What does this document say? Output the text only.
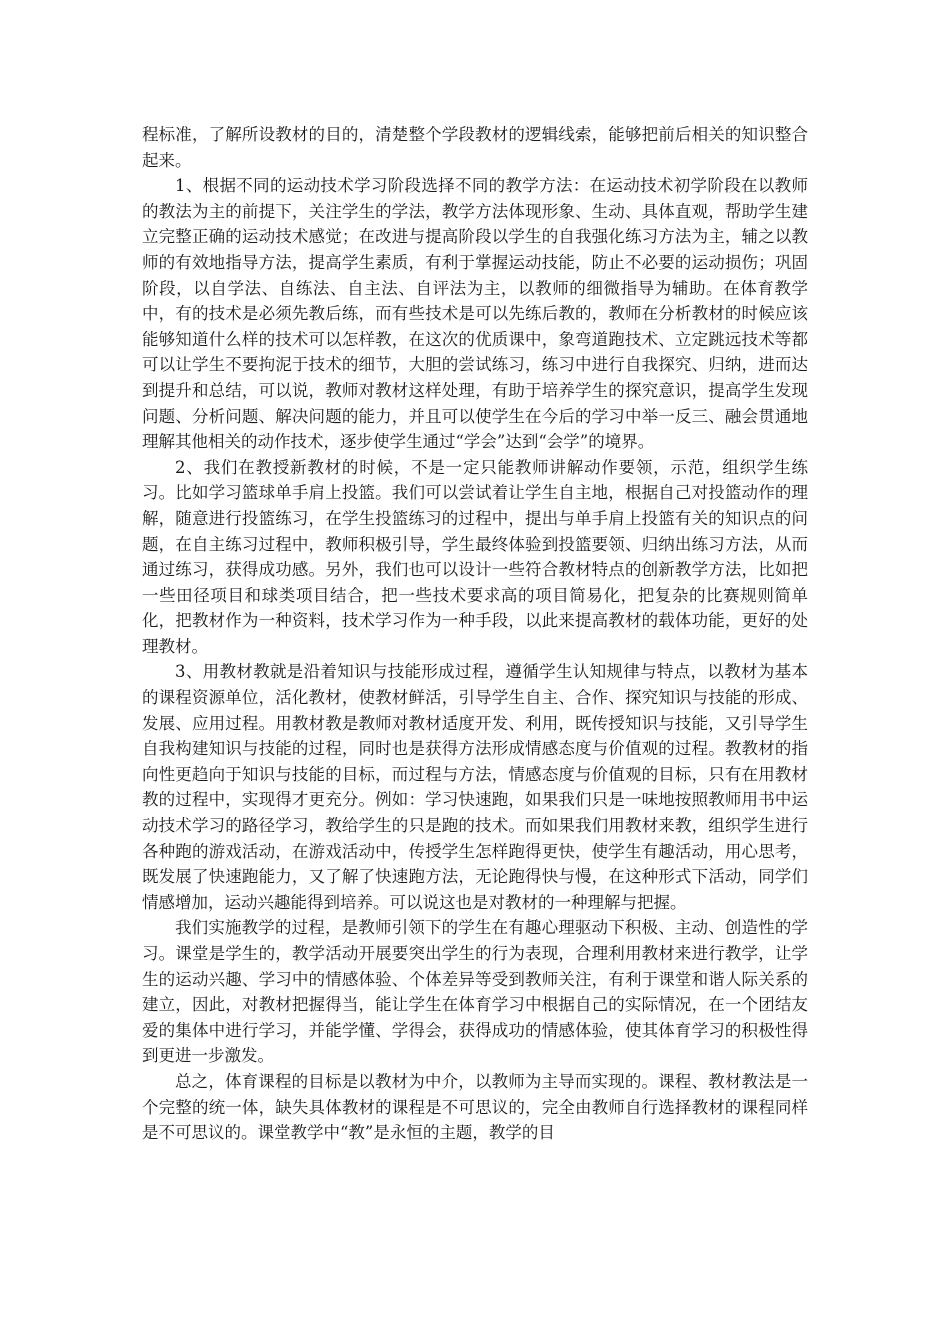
程标准，了解所设教材的目的，清楚整个学段教材的逻辑线索，能够把前后相关的知识整合起来。

1、根据不同的运动技术学习阶段选择不同的教学方法：在运动技术初学阶段在以教师的教法为主的前提下，关注学生的学法，教学方法体现形象、生动、具体直观，帮助学生建立完整正确的运动技术感觉；在改进与提高阶段以学生的自我强化练习方法为主，辅之以教师的有效地指导方法，提高学生素质，有利于掌握运动技能，防止不必要的运动损伤；巩固阶段，以自学法、自练法、自主法、自评法为主，以教师的细微指导为辅助。在体育教学中，有的技术是必须先教后练，而有些技术是可以先练后教的，教师在分析教材的时候应该能够知道什么样的技术可以怎样教，在这次的优质课中，象弯道跑技术、立定跳远技术等都可以让学生不要拘泥于技术的细节，大胆的尝试练习，练习中进行自我探究、归纳，进而达到提升和总结，可以说，教师对教材这样处理，有助于培养学生的探究意识，提高学生发现问题、分析问题、解决问题的能力，并且可以使学生在今后的学习中举一反三、融会贯通地理解其他相关的动作技术，逐步使学生通过“学会”达到“会学”的境界。

2、我们在教授新教材的时候，不是一定只能教师讲解动作要领，示范，组织学生练习。比如学习篮球单手肩上投篮。我们可以尝试着让学生自主地，根据自己对投篮动作的理解，随意进行投篮练习，在学生投篮练习的过程中，提出与单手肩上投篮有关的知识点的问题，在自主练习过程中，教师积极引导，学生最终体验到投篮要领、归纳出练习方法，从而通过练习，获得成功感。另外，我们也可以设计一些符合教材特点的创新教学方法，比如把一些田径项目和球类项目结合，把一些技术要求高的项目简易化，把复杂的比赛规则简单化，把教材作为一种资料，技术学习作为一种手段，以此来提高教材的载体功能，更好的处理教材。

3、用教材教就是沿着知识与技能形成过程，遵循学生认知规律与特点，以教材为基本的课程资源单位，活化教材，使教材鲜活，引导学生自主、合作、探究知识与技能的形成、发展、应用过程。用教材教是教师对教材适度开发、利用，既传授知识与技能，又引导学生自我构建知识与技能的过程，同时也是获得方法形成情感态度与价值观的过程。教教材的指向性更趋向于知识与技能的目标，而过程与方法，情感态度与价值观的目标，只有在用教材教的过程中，实现得才更充分。例如：学习快速跑，如果我们只是一味地按照教师用书中运动技术学习的路径学习，教给学生的只是跑的技术。而如果我们用教材来教，组织学生进行各种跑的游戏活动，在游戏活动中，传授学生怎样跑得更快，使学生有趣活动，用心思考，既发展了快速跑能力，又了解了快速跑方法，无论跑得快与慢，在这种形式下活动，同学们情感增加，运动兴趣能得到培养。可以说这也是对教材的一种理解与把握。

我们实施教学的过程，是教师引领下的学生在有趣心理驱动下积极、主动、创造性的学习。课堂是学生的，教学活动开展要突出学生的行为表现，合理利用教材来进行教学，让学生的运动兴趣、学习中的情感体验、个体差异等受到教师关注，有利于课堂和谐人际关系的建立，因此，对教材把握得当，能让学生在体育学习中根据自己的实际情况，在一个团结友爱的集体中进行学习，并能学懂、学得会，获得成功的情感体验，使其体育学习的积极性得到更进一步激发。

总之，体育课程的目标是以教材为中介，以教师为主导而实现的。课程、教材教法是一个完整的统一体，缺失具体教材的课程是不可思议的，完全由教师自行选择教材的课程同样是不可思议的。课堂教学中“教”是永恒的主题，教学的目
